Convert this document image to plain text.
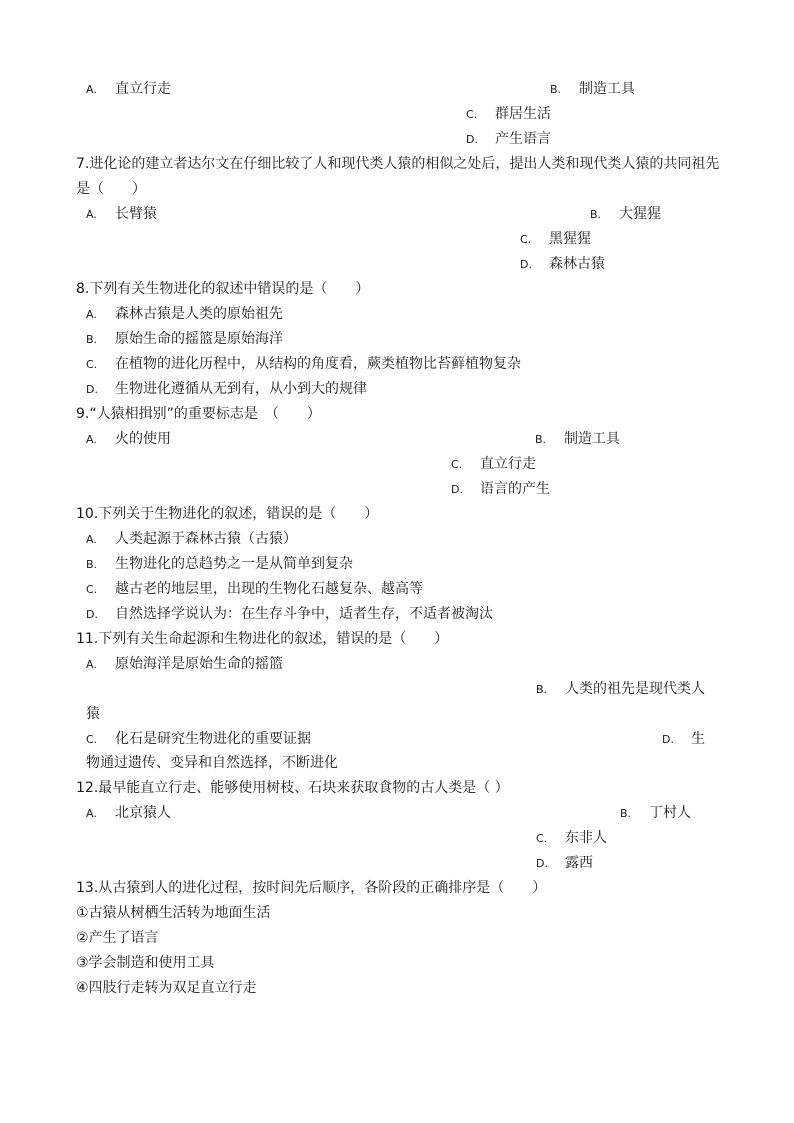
A. 直立行走	B. 制造工具
C. 群居生活
D. 产生语言
7.进化论的建立者达尔文在仔细比较了人和现代类人猿的相似之处后，提出人类和现代类人猿的共同祖先
是（　　）
A. 长臂猿	B. 大猩猩
C. 黑猩猩
D. 森林古猿
8.下列有关生物进化的叙述中错误的是（　　）
A. 森林古猿是人类的原始祖先
B. 原始生命的摇篮是原始海洋
C. 在植物的进化历程中，从结构的角度看，蕨类植物比苔藓植物复杂
D. 生物进化遵循从无到有，从小到大的规律
9.“人猿相揖别”的重要标志是　（　　）
A. 火的使用	B. 制造工具
C. 直立行走
D. 语言的产生
10.下列关于生物进化的叙述，错误的是（　　）
A. 人类起源于森林古猿（古猿）
B. 生物进化的总趋势之一是从简单到复杂
C. 越古老的地层里，出现的生物化石越复杂、越高等
D. 自然选择学说认为：在生存斗争中，适者生存，不适者被淘汰
11.下列有关生命起源和生物进化的叙述，错误的是（　　）
A. 原始海洋是原始生命的摇篮
B. 人类的祖先是现代类人
猿
C. 化石是研究生物进化的重要证据	D. 生
物通过遗传、变异和自然选择，不断进化
12.最早能直立行走、能够使用树枝、石块来获取食物的古人类是（ ）
A. 北京猿人	B. 丁村人
C. 东非人
D. 露西
13.从古猿到人的进化过程，按时间先后顺序，各阶段的正确排序是（　　）
①古猿从树栖生活转为地面生活
②产生了语言
③学会制造和使用工具
④四肢行走转为双足直立行走
